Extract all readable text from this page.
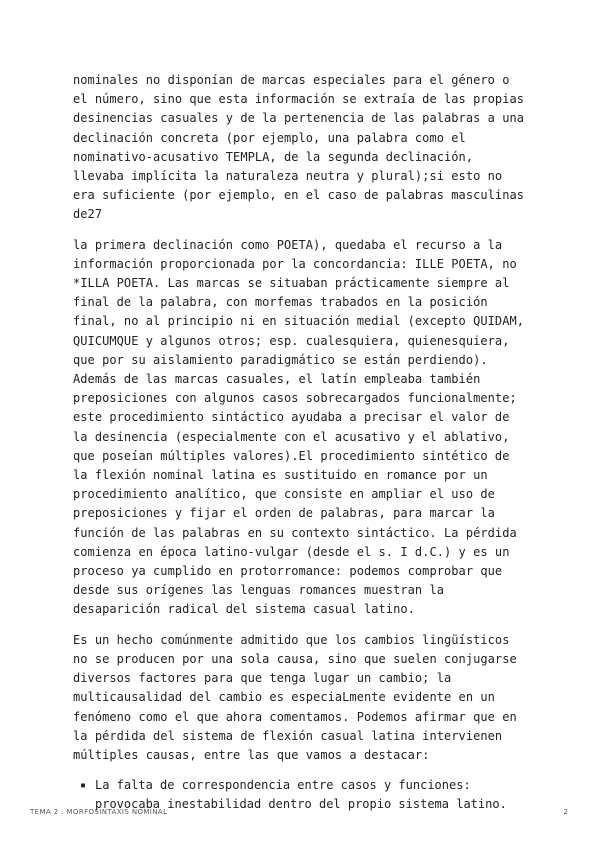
nominales no disponían de marcas especiales para el género o
el número, sino que esta información se extraía de las propias
desinencias casuales y de la pertenencia de las palabras a una
declinación concreta (por ejemplo, una palabra como el
nominativo-acusativo TEMPLA, de la segunda declinación,
llevaba implícita la naturaleza neutra y plural);si esto no
era suficiente (por ejemplo, en el caso de palabras masculinas
de27

la primera declinación como POETA), quedaba el recurso a la
información proporcionada por la concordancia: ILLE POETA, no
*ILLA POETA. Las marcas se situaban prácticamente siempre al
final de la palabra, con morfemas trabados en la posición
final, no al principio ni en situación medial (excepto QUIDAM,
QUICUMQUE y algunos otros; esp. cualesquiera, quienesquiera,
que por su aislamiento paradigmático se están perdiendo).
Además de las marcas casuales, el latín empleaba también
preposiciones con algunos casos sobrecargados funcionalmente;
este procedimiento sintáctico ayudaba a precisar el valor de
la desinencia (especialmente con el acusativo y el ablativo,
que poseían múltiples valores).El procedimiento sintético de
la flexión nominal latina es sustituido en romance por un
procedimiento analítico, que consiste en ampliar el uso de
preposiciones y fijar el orden de palabras, para marcar la
función de las palabras en su contexto sintáctico. La pérdida
comienza en época latino-vulgar (desde el s. I d.C.) y es un
proceso ya cumplido en protorromance: podemos comprobar que
desde sus orígenes las lenguas romances muestran la
desaparición radical del sistema casual latino.

Es un hecho comúnmente admitido que los cambios lingüísticos
no se producen por una sola causa, sino que suelen conjugarse
diversos factores para que tenga lugar un cambio; la
multicausalidad del cambio es especiaLmente evidente en un
fenómeno como el que ahora comentamos. Podemos afirmar que en
la pérdida del sistema de flexión casual latina intervienen
múltiples causas, entre las que vamos a destacar:

▪ La falta de correspondencia entre casos y funciones:
provocaba inestabilidad dentro del propio sistema latino.
TEMA 2 . MORFOSINTAXIS NOMINAL	2
